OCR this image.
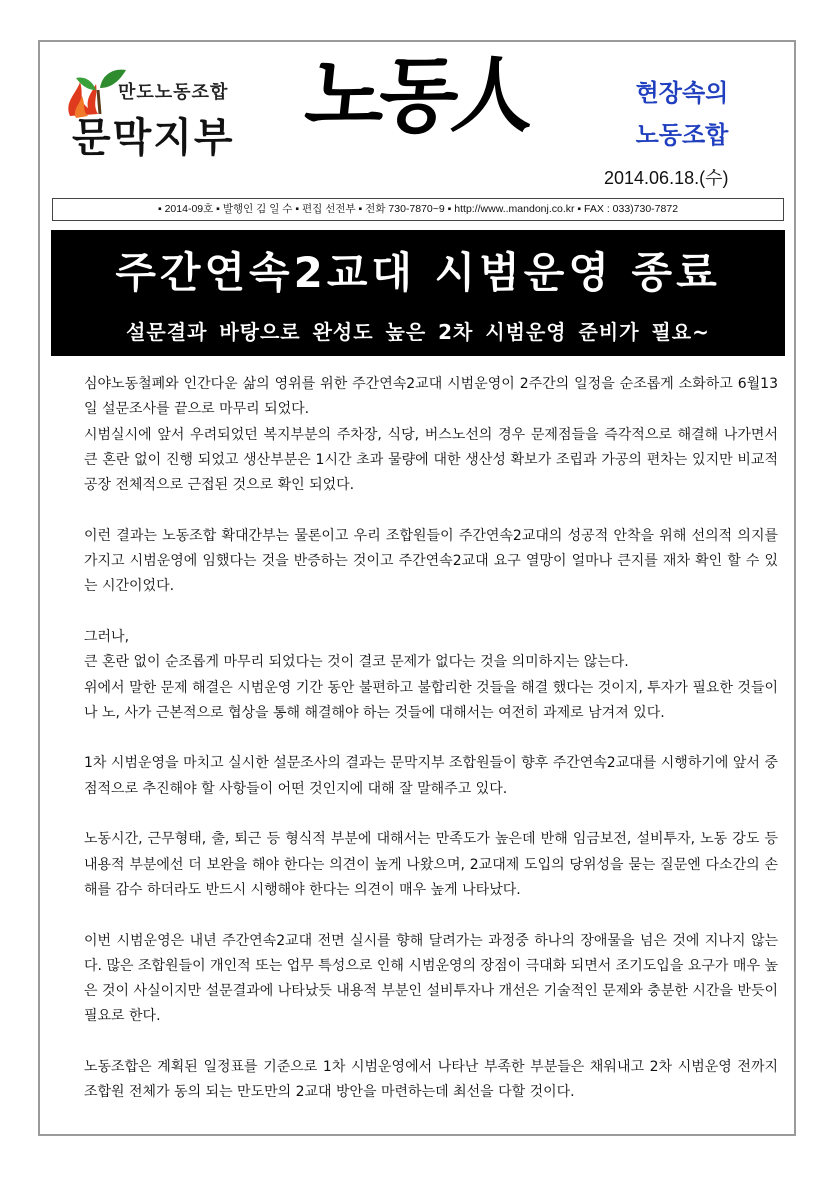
만도노동조합
문막지부 노동人	현장속의
노동조합
2014.06.18.(수)
▪ 2014-09호 ▪ 발행인 김 일 수 ▪ 편집 선전부 ▪ 전화 730-7870~9 ▪ http://www..mandonj.co.kr ▪ FAX : 033)730-7872
주간연속2교대 시범운영 종료
설문결과 바탕으로 완성도 높은 2차 시범운영 준비가 필요~

심야노동철폐와 인간다운 삶의 영위를 위한 주간연속2교대 시범운영이 2주간의 일정을 순조롭게 소화하고 6월13일 설문조사를 끝으로 마무리 되었다.

시범실시에 앞서 우려되었던 복지부분의 주차장, 식당, 버스노선의 경우 문제점들을 즉각적으로 해결해 나가면서 큰 혼란 없이 진행 되었고 생산부분은 1시간 초과 물량에 대한 생산성 확보가 조립과 가공의 편차는 있지만 비교적 공장 전체적으로 근접된 것으로 확인 되었다.

이런 결과는 노동조합 확대간부는 물론이고 우리 조합원들이 주간연속2교대의 성공적 안착을 위해 선의적 의지를 가지고 시범운영에 임했다는 것을 반증하는 것이고 주간연속2교대 요구 열망이 얼마나 큰지를 재차 확인 할 수 있는 시간이었다.

그러나,

큰 혼란 없이 순조롭게 마무리 되었다는 것이 결코 문제가 없다는 것을 의미하지는 않는다.

위에서 말한 문제 해결은 시범운영 기간 동안 불편하고 불합리한 것들을 해결 했다는 것이지, 투자가 필요한 것들이나 노, 사가 근본적으로 협상을 통해 해결해야 하는 것들에 대해서는 여전히 과제로 남겨져 있다.

1차 시범운영을 마치고 실시한 설문조사의 결과는 문막지부 조합원들이 향후 주간연속2교대를 시행하기에 앞서 중점적으로 추진해야 할 사항들이 어떤 것인지에 대해 잘 말해주고 있다.

노동시간, 근무형태, 출, 퇴근 등 형식적 부분에 대해서는 만족도가 높은데 반해 임금보전, 설비투자, 노동 강도 등 내용적 부분에선 더 보완을 해야 한다는 의견이 높게 나왔으며, 2교대제 도입의 당위성을 묻는 질문엔 다소간의 손해를 감수 하더라도 반드시 시행해야 한다는 의견이 매우 높게 나타났다.

이번 시범운영은 내년 주간연속2교대 전면 실시를 향해 달려가는 과정중 하나의 장애물을 넘은 것에 지나지 않는다. 많은 조합원들이 개인적 또는 업무 특성으로 인해 시범운영의 장점이 극대화 되면서 조기도입을 요구가 매우 높은 것이 사실이지만 설문결과에 나타났듯 내용적 부분인 설비투자나 개선은 기술적인 문제와 충분한 시간을 반듯이 필요로 한다.

노동조합은 계획된 일정표를 기준으로 1차 시범운영에서 나타난 부족한 부분들은 채워내고 2차 시범운영 전까지 조합원 전체가 동의 되는 만도만의 2교대 방안을 마련하는데 최선을 다할 것이다.
